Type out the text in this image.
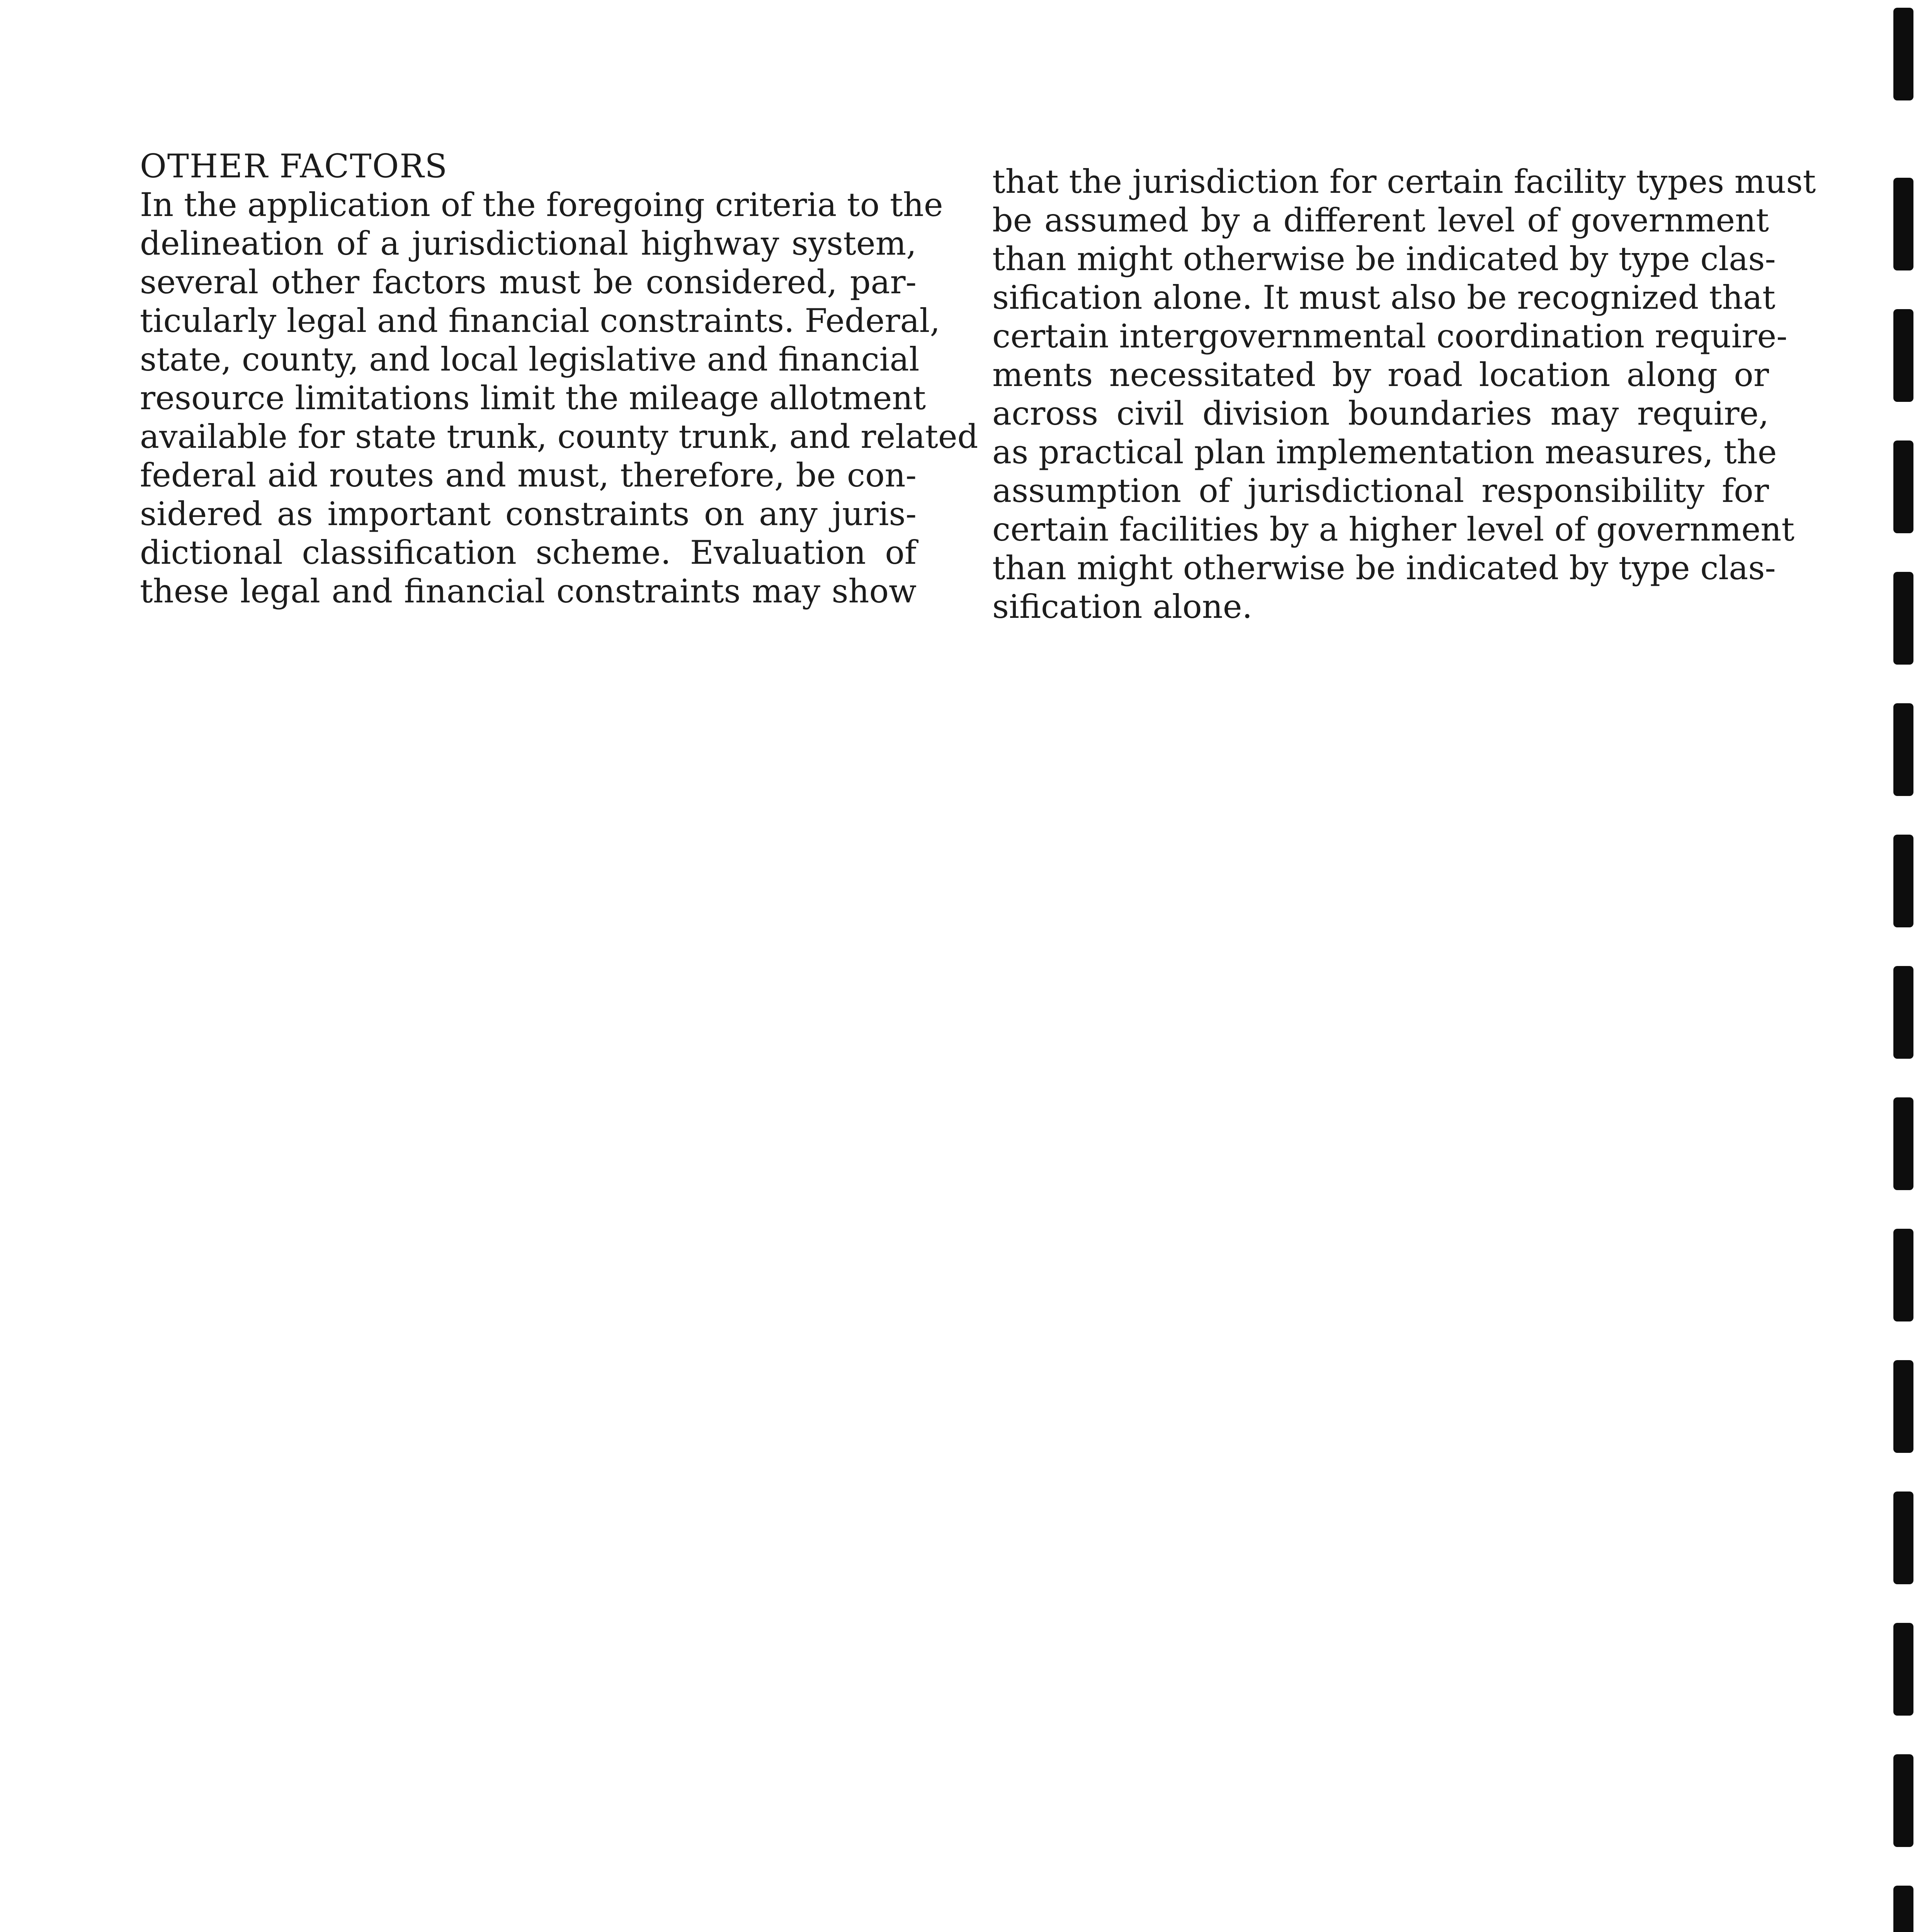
OTHER FACTORS
In the application of the foregoing criteria to the
delineation of a jurisdictional highway system,
several other factors must be considered, par-
ticularly legal and financial constraints. Federal,
state, county, and local legislative and financial
resource limitations limit the mileage allotment
available for state trunk, county trunk, and related
federal aid routes and must, therefore, be con-
sidered as important constraints on any juris-
dictional classification scheme. Evaluation of
these legal and financial constraints may show
that the jurisdiction for certain facility types must
be assumed by a different level of government
than might otherwise be indicated by type clas-
sification alone. It must also be recognized that
certain intergovernmental coordination require-
ments necessitated by road location along or
across civil division boundaries may require,
as practical plan implementation measures, the
assumption of jurisdictional responsibility for
certain facilities by a higher level of government
than might otherwise be indicated by type clas-
sification alone.
